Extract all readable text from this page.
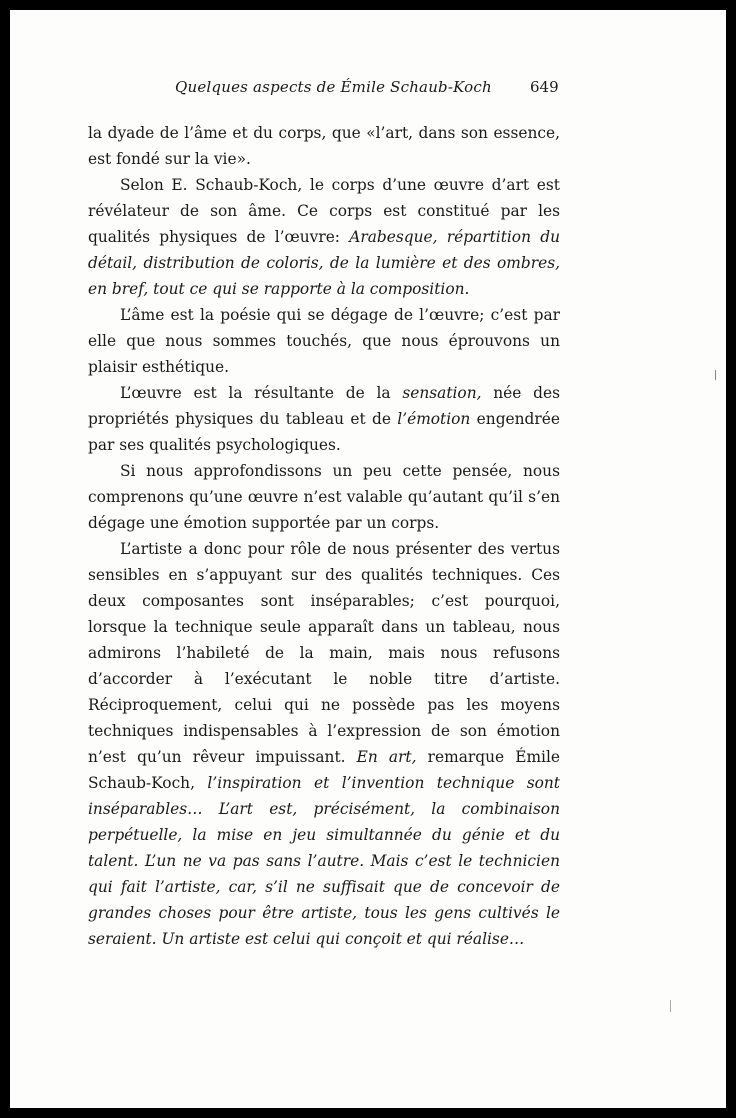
Quelques aspects de Émile Schaub-Koch	649

la dyade de l’âme et du corps, que «l’art, dans son essence, est fondé sur la vie».

Selon E. Schaub-Koch, le corps d’une œuvre d’art est révélateur de son âme. Ce corps est constitué par les qualités physiques de l’œuvre: Arabesque, répartition du détail, distribution de coloris, de la lumière et des ombres, en bref, tout ce qui se rapporte à la composition.

L’âme est la poésie qui se dégage de l’œuvre; c’est par elle que nous sommes touchés, que nous éprouvons un plaisir esthétique.

L’œuvre est la résultante de la sensation, née des propriétés physiques du tableau et de l’émotion engendrée par ses qualités psychologiques.

Si nous approfondissons un peu cette pensée, nous comprenons qu’une œuvre n’est valable qu’autant qu’il s’en dégage une émotion supportée par un corps.

L’artiste a donc pour rôle de nous présenter des vertus sensibles en s’appuyant sur des qualités techniques. Ces deux composantes sont inséparables; c’est pourquoi, lorsque la technique seule apparaît dans un tableau, nous admirons l’habileté de la main, mais nous refusons d’accorder à l’exécutant le noble titre d’artiste. Réciproquement, celui qui ne possède pas les moyens techniques indispensables à l’expression de son émotion n’est qu’un rêveur impuissant. En art, remarque Émile Schaub-Koch, l’inspiration et l’invention technique sont inséparables… L’art est, précisément, la combinaison perpétuelle, la mise en jeu simultannée du génie et du talent. L’un ne va pas sans l’autre. Mais c’est le technicien qui fait l’artiste, car, s’il ne suffisait que de concevoir de grandes choses pour être artiste, tous les gens cultivés le seraient. Un artiste est celui qui conçoit et qui réalise…
